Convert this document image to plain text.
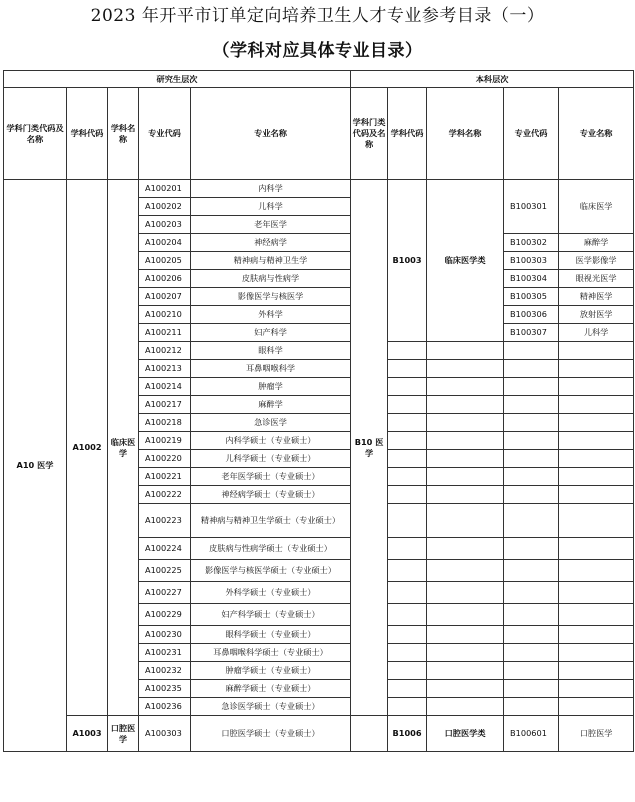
2023 年开平市订单定向培养卫生人才专业参考目录（一）
（学科对应具体专业目录）
研究生层次					本科层次				
学科门类代码及名称	学科代码	学科名称	专业代码	专业名称	学科门类代码及名称	学科代码	学科名称	专业代码	专业名称
A10 医学	A1002	临床医学	A100201	内科学	B10 医学	B1003	临床医学类	B100301	临床医学
			A100202	儿科学					
			A100203	老年医学					
			A100204	神经病学				B100302	麻醉学
			A100205	精神病与精神卫生学				B100303	医学影像学
			A100206	皮肤病与性病学				B100304	眼视光医学
			A100207	影像医学与核医学				B100305	精神医学
			A100210	外科学				B100306	放射医学
			A100211	妇产科学				B100307	儿科学
			A100212	眼科学					
			A100213	耳鼻咽喉科学					
			A100214	肿瘤学					
			A100217	麻醉学					
			A100218	急诊医学					
			A100219	内科学硕士（专业硕士）					
			A100220	儿科学硕士（专业硕士）					
			A100221	老年医学硕士（专业硕士）					
			A100222	神经病学硕士（专业硕士）					
			A100223	精神病与精神卫生学硕士（专业硕士）					
			A100224	皮肤病与性病学硕士（专业硕士）					
			A100225	影像医学与核医学硕士（专业硕士）					
			A100227	外科学硕士（专业硕士）					
			A100229	妇产科学硕士（专业硕士）					
			A100230	眼科学硕士（专业硕士）					
			A100231	耳鼻咽喉科学硕士（专业硕士）					
			A100232	肿瘤学硕士（专业硕士）					
			A100235	麻醉学硕士（专业硕士）					
			A100236	急诊医学硕士（专业硕士）					
	A1003	口腔医学	A100303	口腔医学硕士（专业硕士）		B1006	口腔医学类	B100601	口腔医学
